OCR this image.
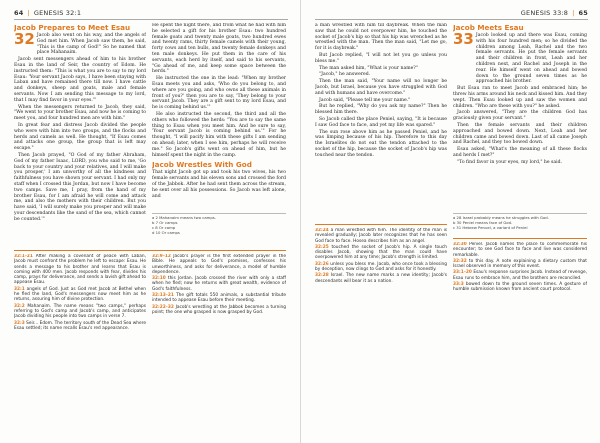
64 | GENESIS 32:1
Jacob Prepares to Meet Esau
32 Jacob also went on his way, and the angels of God met him. When Jacob saw them, he said, "This is the camp of God!" So he named that place Mahanaim.

Jacob sent messengers ahead of him to his brother Esau in the land of Seir, the country of Edom. He instructed them: "This is what you are to say to my lord Esau: 'Your servant Jacob says, I have been staying with Laban and have remained there till now. I have cattle and donkeys, sheep and goats, male and female servants. Now I am sending this message to my lord, that I may find favor in your eyes.'"

When the messengers returned to Jacob, they said, "We went to your brother Esau, and now he is coming to meet you, and four hundred men are with him."

In great fear and distress Jacob divided the people who were with him into two groups, and the flocks and herds and camels as well. He thought, "If Esau comes and attacks one group, the group that is left may escape."

Then Jacob prayed, "O God of my father Abraham, God of my father Isaac, LORD, you who said to me, 'Go back to your country and your relatives, and I will make you prosper,' I am unworthy of all the kindness and faithfulness you have shown your servant. I had only my staff when I crossed this Jordan, but now I have become two camps. Save me, I pray, from the hand of my brother Esau, for I am afraid he will come and attack me, and also the mothers with their children. But you have said, 'I will surely make you prosper and will make your descendants like the sand of the sea, which cannot be counted.'"

He spent the night there, and from what he had with him he selected a gift for his brother Esau: two hundred female goats and twenty male goats, two hundred ewes and twenty rams, thirty female camels with their young, forty cows and ten bulls, and twenty female donkeys and ten male donkeys. He put them in the care of his servants, each herd by itself, and said to his servants, "Go ahead of me, and keep some space between the herds."

He instructed the one in the lead: "When my brother Esau meets you and asks, 'Who do you belong to, and where are you going, and who owns all these animals in front of you?' then you are to say, 'They belong to your servant Jacob. They are a gift sent to my lord Esau, and he is coming behind us.'"

He also instructed the second, the third and all the others who followed the herds: "You are to say the same thing to Esau when you meet him. And be sure to say, 'Your servant Jacob is coming behind us.'" For he thought, "I will pacify him with these gifts I am sending on ahead; later, when I see him, perhaps he will receive me." So Jacob's gifts went on ahead of him, but he himself spent the night in the camp.

Jacob Wrestles With God

That night Jacob got up and took his two wives, his two female servants and his eleven sons and crossed the ford of the Jabbok. After he had sent them across the stream, he sent over all his possessions. So Jacob was left alone, and

a 2 Mahanaim means two camps.
b 7 Or camps
c 8 Or camp
d 10 Or camps

32:1–21 After making a covenant of peace with Laban, Jacob must confront the problem he left to escape: Esau. He sends a message to his brother and learns that Esau is coming with 400 men. Jacob responds with fear, divides his camp, prays for deliverance, and sends a lavish gift ahead to appease Esau.

32:1 angels of God. Just as God met Jacob at Bethel when he fled the land, God's messengers now meet him as he returns, assuring him of divine protection.

32:2 Mahanaim. The name means "two camps," perhaps referring to God's camp and Jacob's camp, and anticipates Jacob dividing his people into two camps in verse 7.

32:3 Seir... Edom. The territory south of the Dead Sea where Esau settled; its name recalls Esau's red appearance.

32:9–12 Jacob's prayer is the first extended prayer in the Bible. He appeals to God's promises, confesses his unworthiness, and asks for deliverance, a model of humble dependence.

32:10 this Jordan. Jacob crossed the river with only a staff when he fled; now he returns with great wealth, evidence of God's faithfulness.

32:13–21 The gift totals 550 animals, a substantial tribute intended to appease Esau before their meeting.

32:22–32 Jacob's wrestling at the Jabbok becomes a turning point; the one who grasped is now grasped by God.

GENESIS 33:8 | 65

a man wrestled with him till daybreak. When the man saw that he could not overpower him, he touched the socket of Jacob's hip so that his hip was wrenched as he wrestled with the man. Then the man said, "Let me go, for it is daybreak."

But Jacob replied, "I will not let you go unless you bless me."

The man asked him, "What is your name?"

"Jacob," he answered.

Then the man said, "Your name will no longer be Jacob, but Israel, because you have struggled with God and with humans and have overcome."

Jacob said, "Please tell me your name."

But he replied, "Why do you ask my name?" Then he blessed him there.

So Jacob called the place Peniel, saying, "It is because I saw God face to face, and yet my life was spared."

The sun rose above him as he passed Peniel, and he was limping because of his hip. Therefore to this day the Israelites do not eat the tendon attached to the socket of the hip, because the socket of Jacob's hip was touched near the tendon.

Jacob Meets Esau
33 Jacob looked up and there was Esau, coming with his four hundred men; so he divided the children among Leah, Rachel and the two female servants. He put the female servants and their children in front, Leah and her children next, and Rachel and Joseph in the rear. He himself went on ahead and bowed down to the ground seven times as he approached his brother.

But Esau ran to meet Jacob and embraced him; he threw his arms around his neck and kissed him. And they wept. Then Esau looked up and saw the women and children. "Who are these with you?" he asked.

Jacob answered, "They are the children God has graciously given your servant."

Then the female servants and their children approached and bowed down. Next, Leah and her children came and bowed down. Last of all came Joseph and Rachel, and they too bowed down.

Esau asked, "What's the meaning of all these flocks and herds I met?"

"To find favor in your eyes, my lord," he said.

a 28 Israel probably means he struggles with God.
b 30 Peniel means face of God.
c 31 Hebrew Penuel, a variant of Peniel

32:24 a man wrestled with him. The identity of the man is revealed gradually; Jacob later recognizes that he has seen God face to face. Hosea describes him as an angel.

32:25 touched the socket of Jacob's hip. A single touch disables Jacob, showing that the man could have overpowered him at any time; Jacob's strength is limited.

32:26 unless you bless me. Jacob, who once took a blessing by deception, now clings to God and asks for it honestly.

32:28 Israel. The new name marks a new identity; Jacob's descendants will bear it as a nation.

32:30 Peniel. Jacob names the place to commemorate his encounter; to see God face to face and live was considered remarkable.

32:32 to this day. A note explaining a dietary custom that Israel observed in memory of this event.

33:1–20 Esau's response surprises Jacob. Instead of revenge, Esau runs to embrace him, and the brothers are reconciled.

33:3 bowed down to the ground seven times. A gesture of humble submission known from ancient court protocol.
